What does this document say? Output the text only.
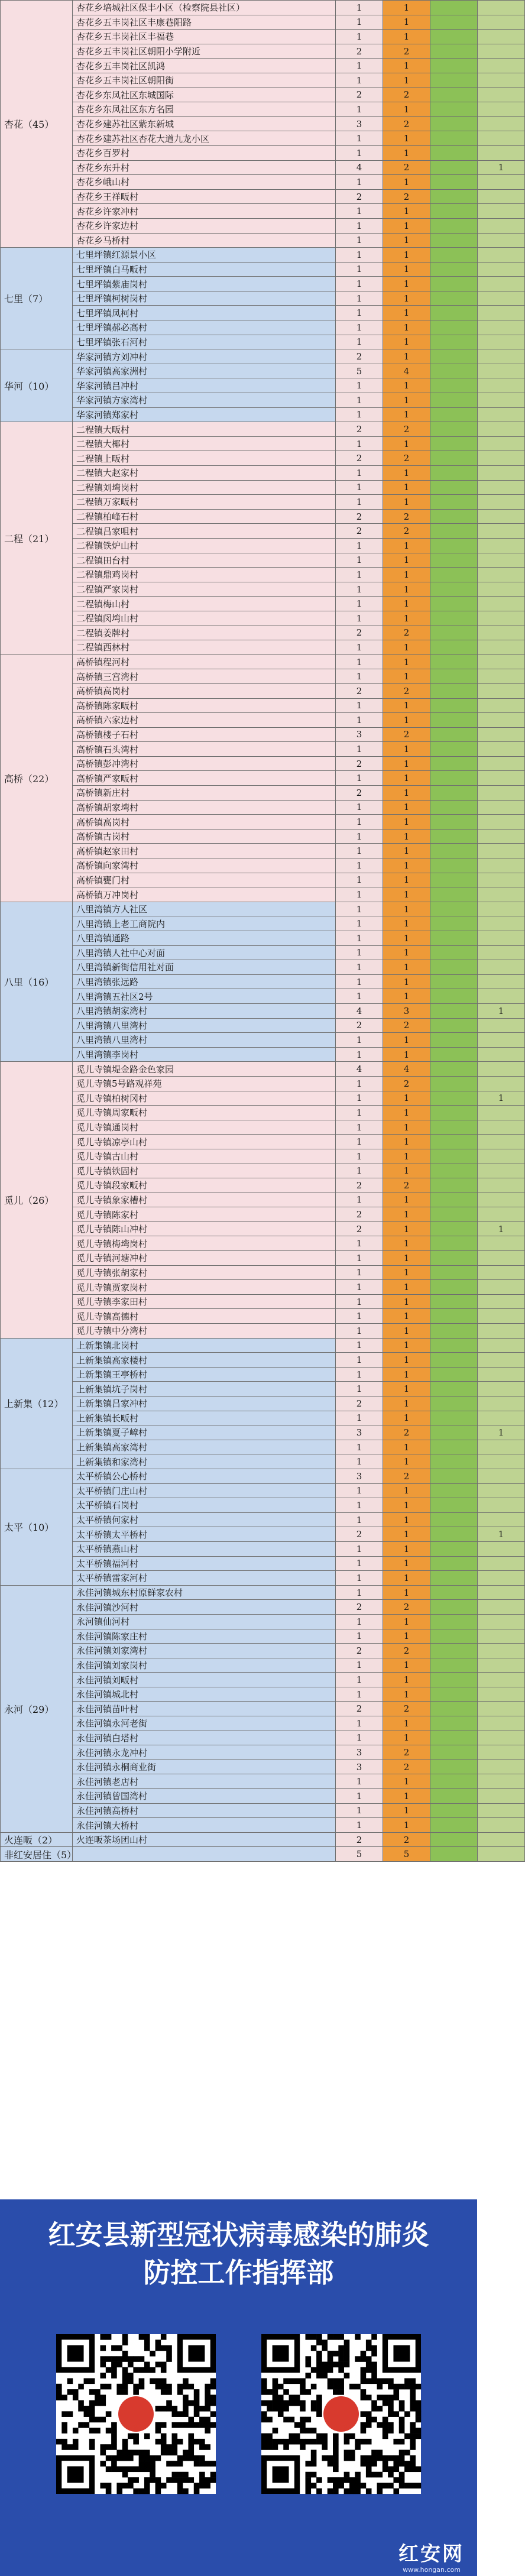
杏花（45）	杏花乡培城社区保丰小区（检察院县社区）	1	1		
	杏花乡五丰岗社区丰康巷阳路	1	1		
	杏花乡五丰岗社区丰福巷	1	1		
	杏花乡五丰岗社区朝阳小学附近	2	2		
	杏花乡五丰岗社区凯鸿	1	1		
	杏花乡五丰岗社区朝阳街	1	1		
	杏花乡东凤社区东城国际	2	2		
	杏花乡东凤社区东方名园	1	1		
	杏花乡建苏社区紫东新城	3	2		
	杏花乡建苏社区杏花大道九龙小区	1	1		
	杏花乡百罗村	1	1		
	杏花乡东升村	4	2		1
	杏花乡峨山村	1	1		
	杏花乡王祥畈村	2	2		
	杏花乡许家冲村	1	1		
	杏花乡许家边村	1	1		
	杏花乡马桥村	1	1		
七里（7）	七里坪镇红源景小区	1	1		
	七里坪镇白马畈村	1	1		
	七里坪镇紫庙岗村	1	1		
	七里坪镇柯树岗村	1	1		
	七里坪镇凤柯村	1	1		
	七里坪镇郝必高村	1	1		
	七里坪镇张石河村	1	1		
华河（10）	华家河镇方刘冲村	2	1		
	华家河镇高家洲村	5	4		
	华家河镇吕冲村	1	1		
	华家河镇方家湾村	1	1		
	华家河镇郑家村	1	1		
二程（21）	二程镇大畈村	2	2		
	二程镇大椰村	1	1		
	二程镇上畈村	2	2		
	二程镇大赵家村	1	1		
	二程镇刘塆岗村	1	1		
	二程镇万家畈村	1	1		
	二程镇柏峰石村	2	2		
	二程镇吕家咀村	2	2		
	二程镇铁炉山村	1	1		
	二程镇田台村	1	1		
	二程镇鼎鸡岗村	1	1		
	二程镇严家岗村	1	1		
	二程镇梅山村	1	1		
	二程镇闵塆山村	1	1		
	二程镇姜牌村	2	2		
	二程镇西林村	1	1		
高桥（22）	高桥镇程河村	1	1		
	高桥镇三宫湾村	1	1		
	高桥镇高岗村	2	2		
	高桥镇陈家畈村	1	1		
	高桥镇六家边村	1	1		
	高桥镇楼子石村	3	2		
	高桥镇石头湾村	1	1		
	高桥镇彭冲湾村	2	1		
	高桥镇严家畈村	1	1		
	高桥镇新庄村	2	1		
	高桥镇胡家塆村	1	1		
	高桥镇高岗村	1	1		
	高桥镇古岗村	1	1		
	高桥镇赵家田村	1	1		
	高桥镇向家湾村	1	1		
	高桥镇甕门村	1	1		
	高桥镇万冲岗村	1	1		
八里（16）	八里湾镇方人社区	1	1		
	八里湾镇上老工商院内	1	1		
	八里湾镇通路	1	1		
	八里湾镇人社中心对面	1	1		
	八里湾镇新街信用社对面	1	1		
	八里湾镇张远路	1	1		
	八里湾镇五社区2号	1	1		
	八里湾镇胡家湾村	4	3		1
	八里湾镇八里湾村	2	2		
	八里湾镇八里湾村	1	1		
	八里湾镇李岗村	1	1		
觅儿（26）	觅儿寺镇堤金路金色家园	4	4		
	觅儿寺镇5号路观祥苑	1	2		
	觅儿寺镇柏树冈村	1	1		1
	觅儿寺镇周家畈村	1	1		
	觅儿寺镇通岗村	1	1		
	觅儿寺镇凉亭山村	1	1		
	觅儿寺镇古山村	1	1		
	觅儿寺镇铁固村	1	1		
	觅儿寺镇段家畈村	2	2		
	觅儿寺镇象家槽村	1	1		
	觅儿寺镇陈家村	2	1		
	觅儿寺镇陈山冲村	2	1		1
	觅儿寺镇梅塆岗村	1	1		
	觅儿寺镇河塘冲村	1	1		
	觅儿寺镇张胡家村	1	1		
	觅儿寺镇贾家岗村	1	1		
	觅儿寺镇李家田村	1	1		
	觅儿寺镇高德村	1	1		
	觅儿寺镇中分湾村	1	1		
上新集（12）	上新集镇北岗村	1	1		
	上新集镇高家楼村	1	1		
	上新集镇王亭桥村	1	1		
	上新集镇坑子岗村	1	1		
	上新集镇吕家冲村	2	1		
	上新集镇长畈村	1	1		
	上新集镇夏子嶂村	3	2		1
	上新集镇高家湾村	1	1		
	上新集镇和家湾村	1	1		
太平（10）	太平桥镇公心桥村	3	2		
	太平桥镇门庄山村	1	1		
	太平桥镇石岗村	1	1		
	太平桥镇何家村	1	1		
	太平桥镇太平桥村	2	1		1
	太平桥镇燕山村	1	1		
	太平桥镇福河村	1	1		
	太平桥镇雷家河村	1	1		
永河（29）	永佳河镇城东村原鲜家农村	1	1		
	永佳河镇沙河村	2	2		
	永河镇仙河村	1	1		
	永佳河镇陈家庄村	1	1		
	永佳河镇刘家湾村	2	2		
	永佳河镇刘家岗村	1	1		
	永佳河镇刘畈村	1	1		
	永佳河镇城北村	1	1		
	永佳河镇苗叶村	2	2		
	永佳河镇永河老街	1	1		
	永佳河镇白塔村	1	1		
	永佳河镇永龙冲村	3	2		
	永佳河镇永桐商业街	3	2		
	永佳河镇老店村	1	1		
	永佳河镇曾国湾村	1	1		
	永佳河镇高桥村	1	1		
	永佳河镇大桥村	1	1		
火连畈（2）	火连畈茶场团山村	2	2		
非红安居住（5）		5	5		
红安县新型冠状病毒感染的肺炎
防控工作指挥部
红安网
www.hongan.com
